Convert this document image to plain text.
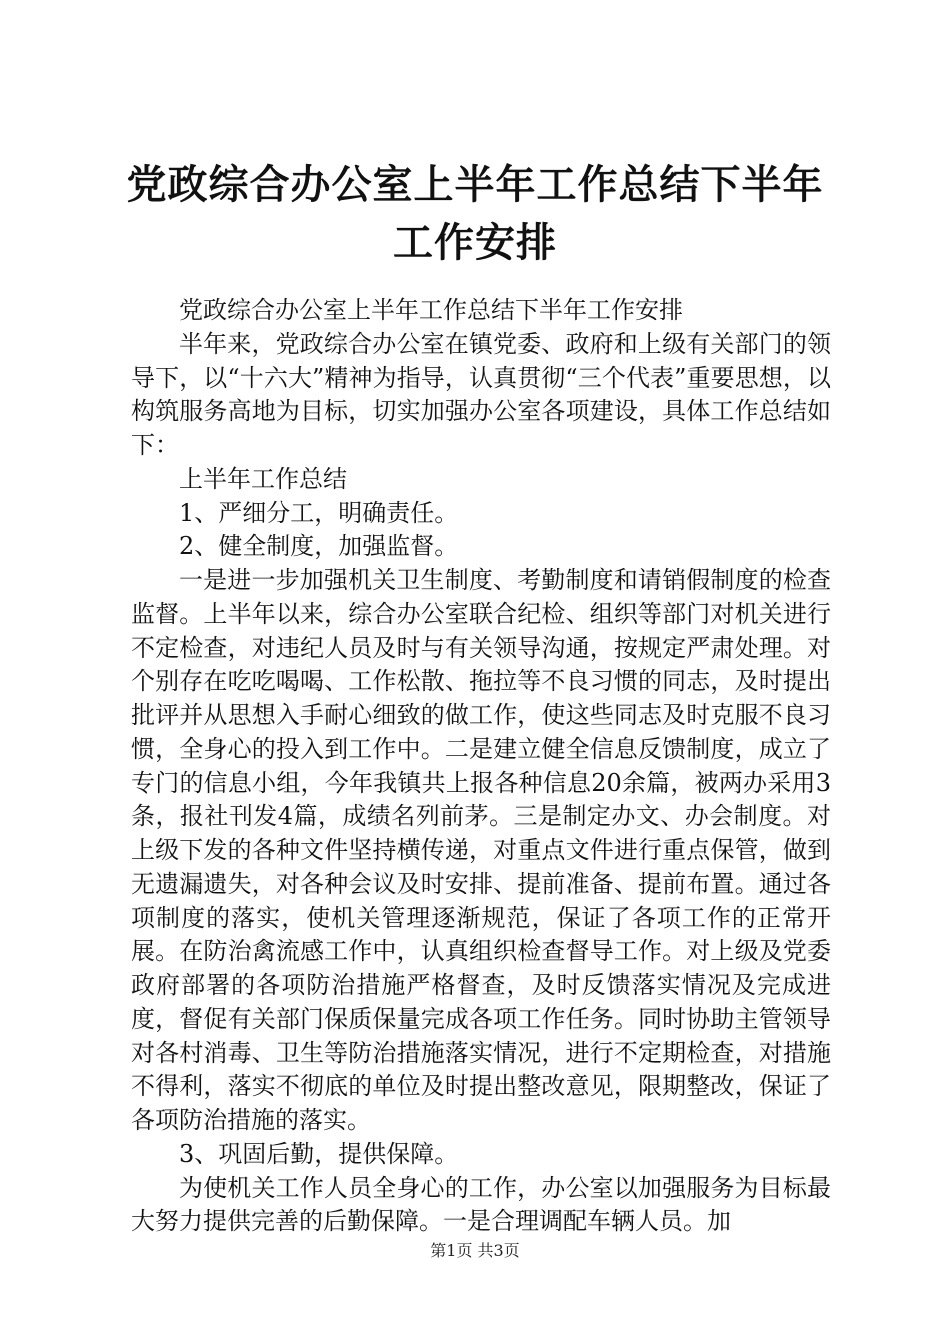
党政综合办公室上半年工作总结下半年工作安排

党政综合办公室上半年工作总结下半年工作安排

半年来，党政综合办公室在镇党委、政府和上级有关部门的领导下，以“十六大”精神为指导，认真贯彻“三个代表”重要思想，以构筑服务高地为目标，切实加强办公室各项建设，具体工作总结如下：

上半年工作总结

1、严细分工，明确责任。

2、健全制度，加强监督。

一是进一步加强机关卫生制度、考勤制度和请销假制度的检查监督。上半年以来，综合办公室联合纪检、组织等部门对机关进行不定检查，对违纪人员及时与有关领导沟通，按规定严肃处理。对个别存在吃吃喝喝、工作松散、拖拉等不良习惯的同志，及时提出批评并从思想入手耐心细致的做工作，使这些同志及时克服不良习惯，全身心的投入到工作中。二是建立健全信息反馈制度，成立了专门的信息小组，今年我镇共上报各种信息20余篇，被两办采用3条，报社刊发4篇，成绩名列前茅。三是制定办文、办会制度。对上级下发的各种文件坚持横传递，对重点文件进行重点保管，做到无遗漏遗失，对各种会议及时安排、提前准备、提前布置。通过各项制度的落实，使机关管理逐渐规范，保证了各项工作的正常开展。在防治禽流感工作中，认真组织检查督导工作。对上级及党委政府部署的各项防治措施严格督查，及时反馈落实情况及完成进度，督促有关部门保质保量完成各项工作任务。同时协助主管领导对各村消毒、卫生等防治措施落实情况，进行不定期检查，对措施不得利，落实不彻底的单位及时提出整改意见，限期整改，保证了各项防治措施的落实。

3、巩固后勤，提供保障。

为使机关工作人员全身心的工作，办公室以加强服务为目标最大努力提供完善的后勤保障。一是合理调配车辆人员。加

第1页 共3页
